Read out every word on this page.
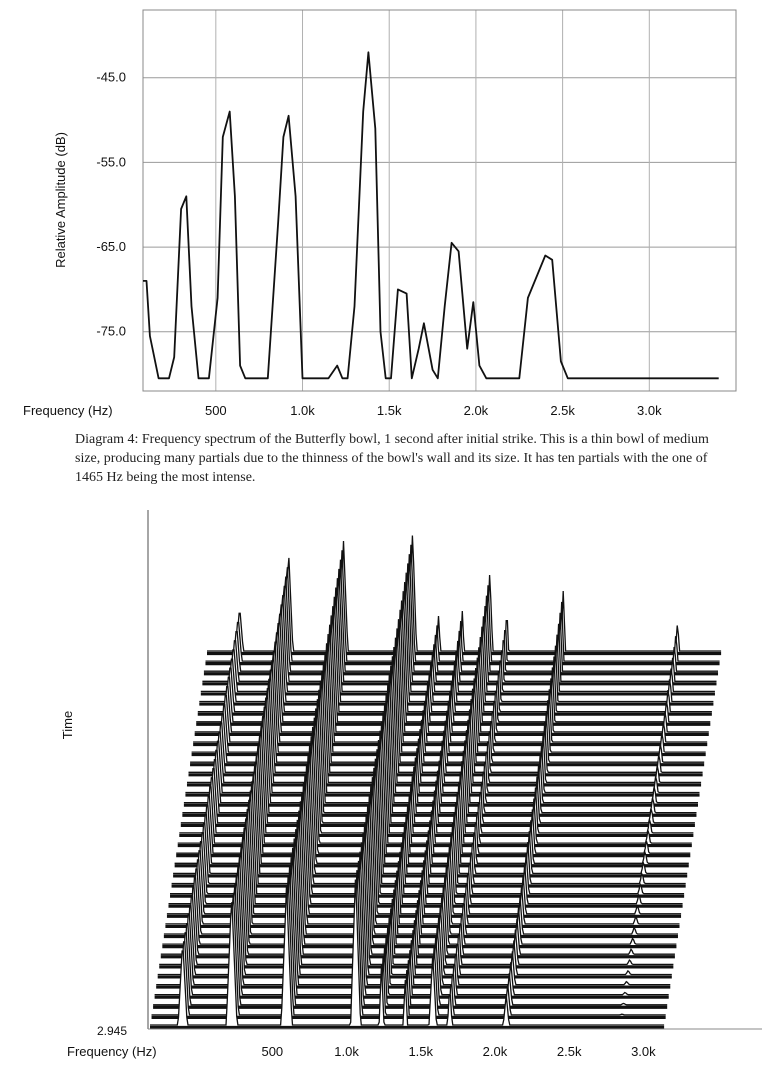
-45.0
-55.0
-65.0
-75.0
500	1.0k	1.5k	2.0k	2.5k	3.0k
Frequency (Hz)
Relative Amplitude (dB)

Diagram 4: Frequency spectrum of the Butterfly bowl, 1 second after initial strike. This is a thin bowl of medium size, producing many partials due to the thinness of the bowl's wall and its size. It has ten partials with the one of 1465 Hz being the most intense.

500	1.0k	1.5k	2.0k	2.5k	3.0k
2.945
Frequency (Hz)
Time
